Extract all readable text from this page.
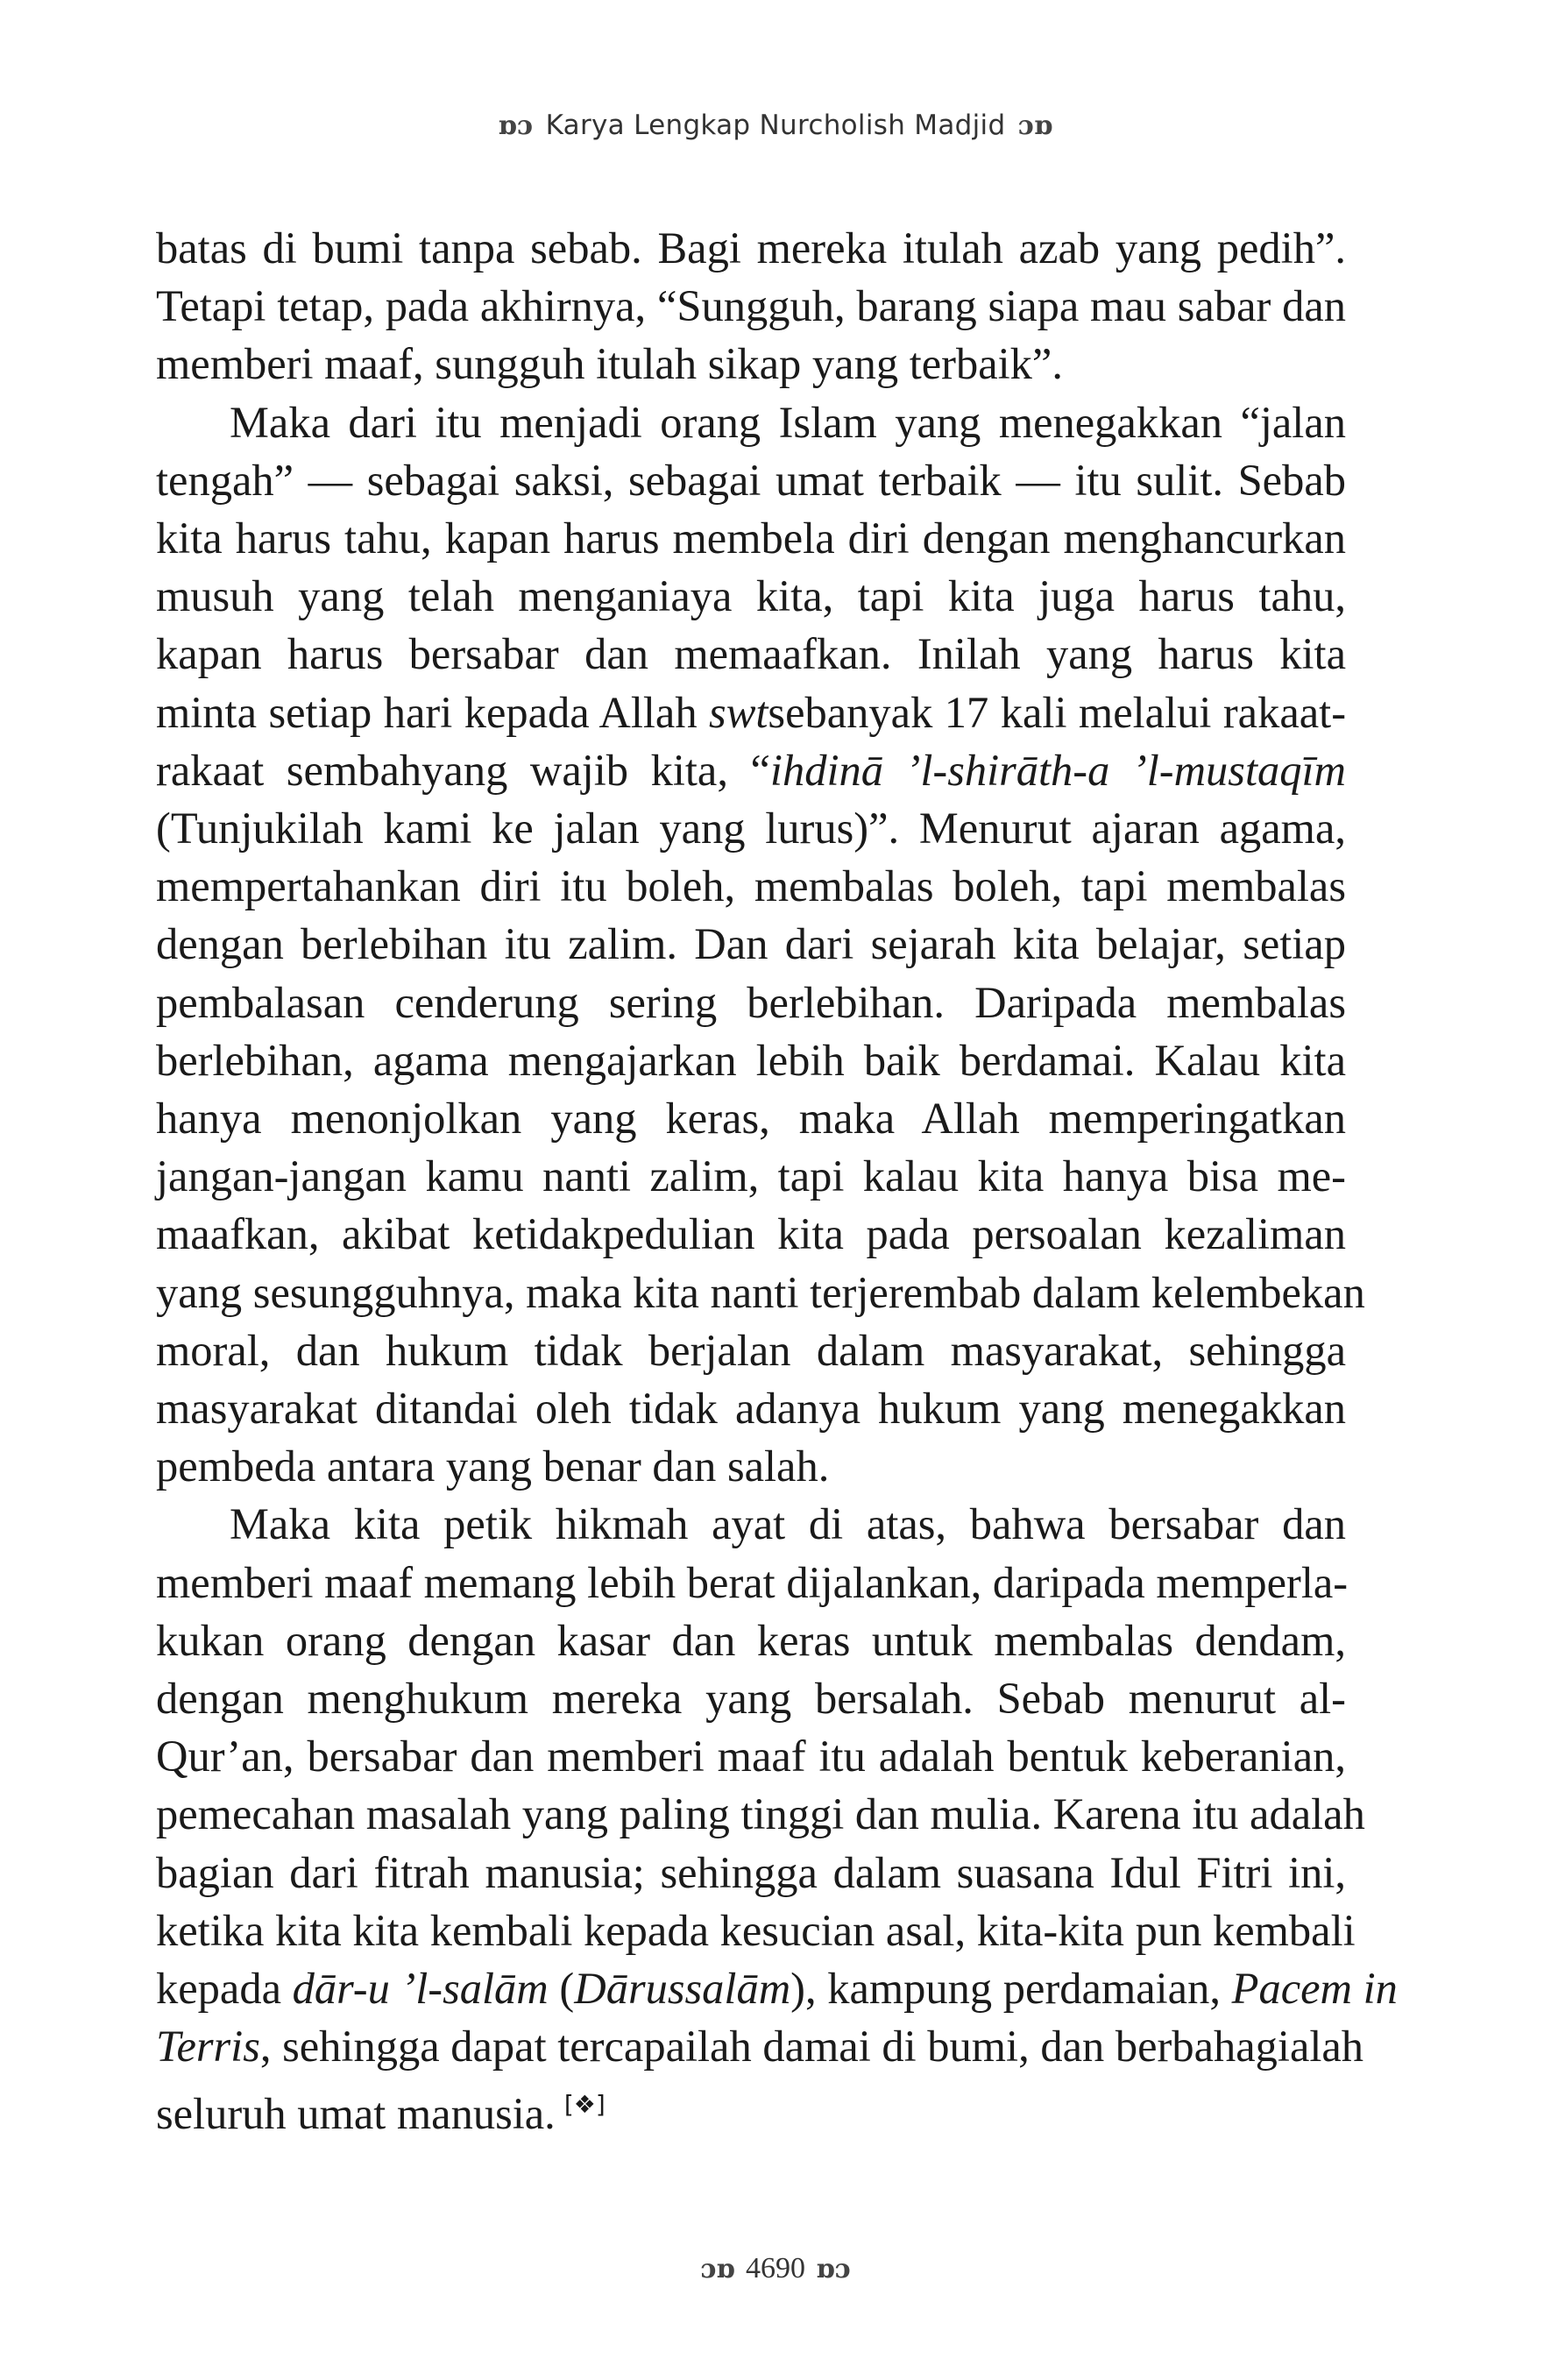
ɒɔ Karya Lengkap Nurcholish Madjid ɔɒ
batas di bumi tanpa sebab. Bagi mereka itulah azab yang pedih”.
Tetapi tetap, pada akhirnya, “Sungguh, barang siapa mau sabar dan
memberi maaf, sungguh itulah sikap yang terbaik”.
Maka dari itu menjadi orang Islam yang menegakkan “jalan
tengah” — sebagai saksi, sebagai umat terbaik — itu sulit. Sebab
kita harus tahu, kapan harus membela diri dengan menghancurkan
musuh yang telah menganiaya kita, tapi kita juga harus tahu,
kapan harus bersabar dan memaafkan. Inilah yang harus kita
minta setiap hari kepada Allah swtsebanyak 17 kali melalui rakaat-
rakaat sembahyang wajib kita, “ihdinā ’l-shirāth-a ’l-mustaqīm
(Tunjukilah kami ke jalan yang lurus)”. Menurut ajaran agama,
mempertahankan diri itu boleh, membalas boleh, tapi membalas
dengan berlebihan itu zalim. Dan dari sejarah kita belajar, setiap
pembalasan cenderung sering berlebihan. Daripada membalas
berlebihan, agama mengajarkan lebih baik berdamai. Kalau kita
hanya menonjolkan yang keras, maka Allah memperingatkan
jangan-jangan kamu nanti zalim, tapi kalau kita hanya bisa me-
maafkan, akibat ketidakpedulian kita pada persoalan kezaliman
yang sesungguhnya, maka kita nanti terjerembab dalam kelembekan
moral, dan hukum tidak berjalan dalam masyarakat, sehingga
masyarakat ditandai oleh tidak adanya hukum yang menegakkan
pembeda antara yang benar dan salah.
Maka kita petik hikmah ayat di atas, bahwa bersabar dan
memberi maaf memang lebih berat dijalankan, daripada memperla-
kukan orang dengan kasar dan keras untuk membalas dendam,
dengan menghukum mereka yang bersalah. Sebab menurut al-
Qur’an, bersabar dan memberi maaf itu adalah bentuk keberanian,
pemecahan masalah yang paling tinggi dan mulia. Karena itu adalah
bagian dari fitrah manusia; sehingga dalam suasana Idul Fitri ini,
ketika kita kita kembali kepada kesucian asal, kita-kita pun kembali
kepada dār-u ’l-salām (Dārussalām), kampung perdamaian, Pacem in
Terris, sehingga dapat tercapailah damai di bumi, dan berbahagialah
seluruh umat manusia. [❖]
ɔɒ 4690 ɒɔ
